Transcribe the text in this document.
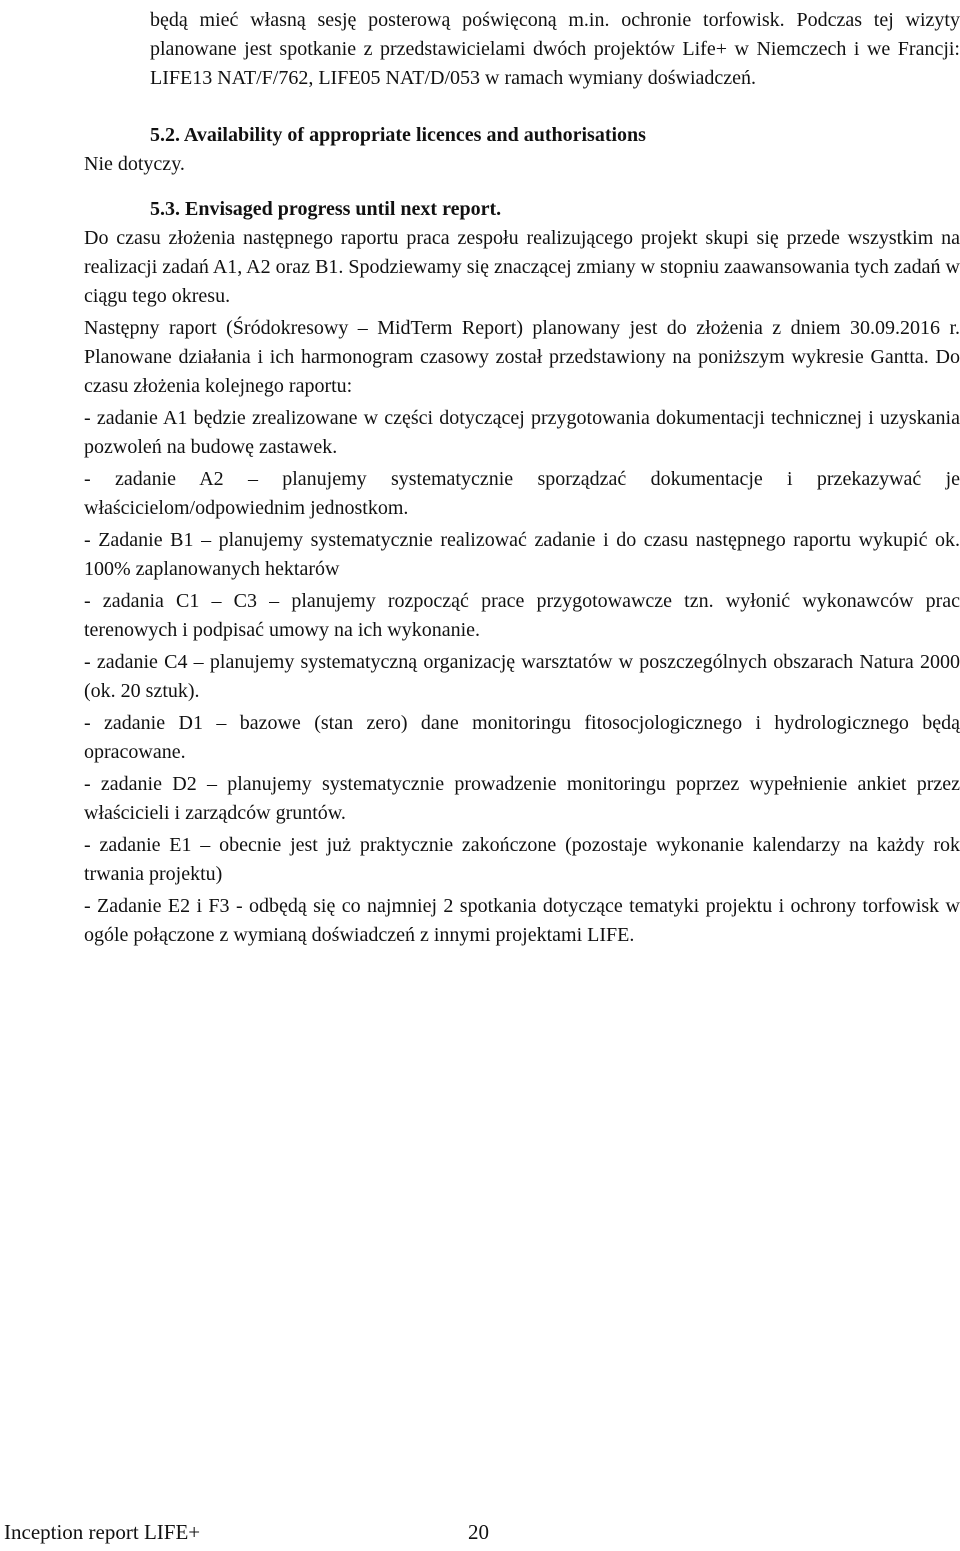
będą mieć własną sesję posterową poświęconą m.in. ochronie torfowisk. Podczas tej wizyty planowane jest spotkanie z przedstawicielami dwóch projektów Life+ w Niemczech i we Francji: LIFE13 NAT/F/762, LIFE05 NAT/D/053 w ramach wymiany doświadczeń.

5.2. Availability of appropriate licences and authorisations

Nie dotyczy.

5.3. Envisaged progress until next report.

Do czasu złożenia następnego raportu praca zespołu realizującego projekt skupi się przede wszystkim na realizacji zadań A1, A2 oraz B1. Spodziewamy się znaczącej zmiany w stopniu zaawansowania tych zadań w ciągu tego okresu.

Następny raport (Śródokresowy – MidTerm Report) planowany jest do złożenia z dniem 30.09.2016 r. Planowane działania i ich harmonogram czasowy został przedstawiony na poniższym wykresie Gantta. Do czasu złożenia kolejnego raportu:

- zadanie A1 będzie zrealizowane w części dotyczącej przygotowania dokumentacji technicznej i uzyskania pozwoleń na budowę zastawek.

- zadanie A2 – planujemy systematycznie sporządzać dokumentacje i przekazywać je właścicielom/odpowiednim jednostkom.

- Zadanie B1 – planujemy systematycznie realizować zadanie i do czasu następnego raportu wykupić ok. 100% zaplanowanych hektarów

- zadania C1 – C3 – planujemy rozpocząć prace przygotowawcze tzn. wyłonić wykonawców prac terenowych i podpisać umowy na ich wykonanie.

- zadanie C4 – planujemy systematyczną organizację warsztatów w poszczególnych obszarach Natura 2000 (ok. 20 sztuk).

- zadanie D1 – bazowe (stan zero) dane monitoringu fitosocjologicznego i hydrologicznego będą opracowane.

- zadanie D2 – planujemy systematycznie prowadzenie monitoringu poprzez wypełnienie ankiet przez właścicieli i zarządców gruntów.

- zadanie E1 – obecnie jest już praktycznie zakończone (pozostaje wykonanie kalendarzy na każdy rok trwania projektu)

- Zadanie E2 i F3 - odbędą się co najmniej 2 spotkania dotyczące tematyki projektu i ochrony torfowisk w ogóle połączone z wymianą doświadczeń z innymi projektami LIFE.

Inception report LIFE+	20
